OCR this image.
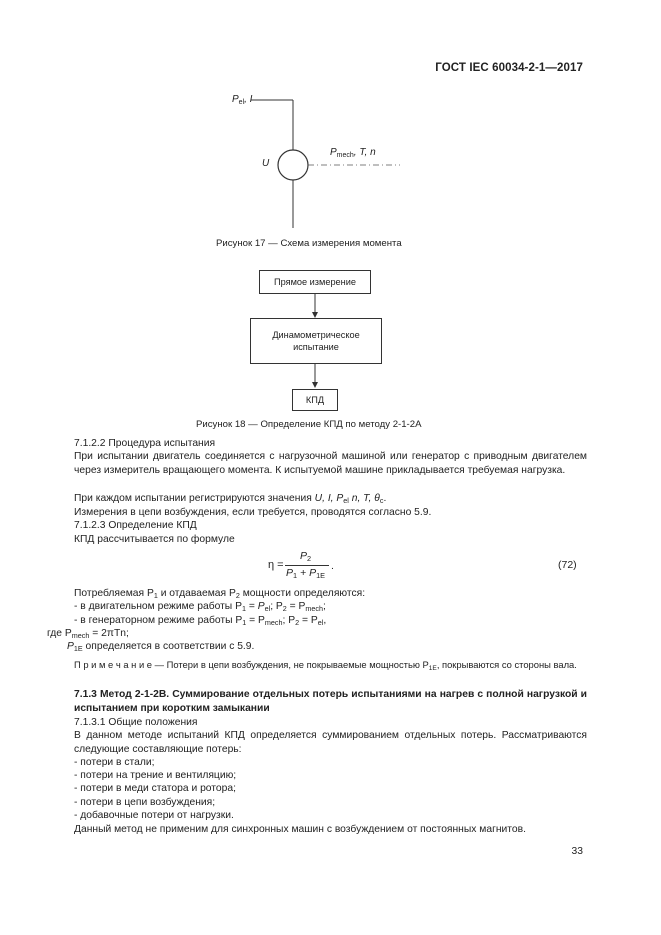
ГОСТ IEC 60034-2-1—2017
$P_{el}$, I
U
$P_{mech}$, T, n
Рисунок 17 — Схема измерения момента
Прямое измерение
Динамометрическое испытание
КПД
Рисунок 18 — Определение КПД по методу 2-1-2А
7.1.2.2 Процедура испытания
При испытании двигатель соединяется с нагрузочной машиной или генератор с приводным двигателем через измеритель вращающего момента. К испытуемой машине прикладывается требуемая нагрузка.
При каждом испытании регистрируются значения U, I, $P_{el}$ n, T, $\theta_c$.
Измерения в цепи возбуждения, если требуется, проводятся согласно 5.9.
7.1.2.3 Определение КПД
КПД рассчитывается по формуле
η =
$P_2$
$P_1 + P_{1E}$
.	(72)
Потребляемая $P_1$ и отдаваемая $P_2$ мощности определяются:
- в двигательном режиме работы $P_1 = P_{el}$; $P_2 = P_{mech}$;
- в генераторном режиме работы $P_1 = P_{mech}$; $P_2 = P_{el}$,
где $P_{mech} = 2\pi Tn$;
$P_{1E}$ определяется в соответствии с 5.9.
П р и м е ч а н и е — Потери в цепи возбуждения, не покрываемые мощностью $P_{1E}$, покрываются со стороны вала.
7.1.3 Метод 2-1-2B. Суммирование отдельных потерь испытаниями на нагрев с полной нагрузкой и испытанием при коротким замыкании
7.1.3.1 Общие положения
В данном методе испытаний КПД определяется суммированием отдельных потерь. Рассматриваются следующие составляющие потерь:
- потери в стали;
- потери на трение и вентиляцию;
- потери в меди статора и ротора;
- потери в цепи возбуждения;
- добавочные потери от нагрузки.
Данный метод не применим для синхронных машин с возбуждением от постоянных магнитов.
33
